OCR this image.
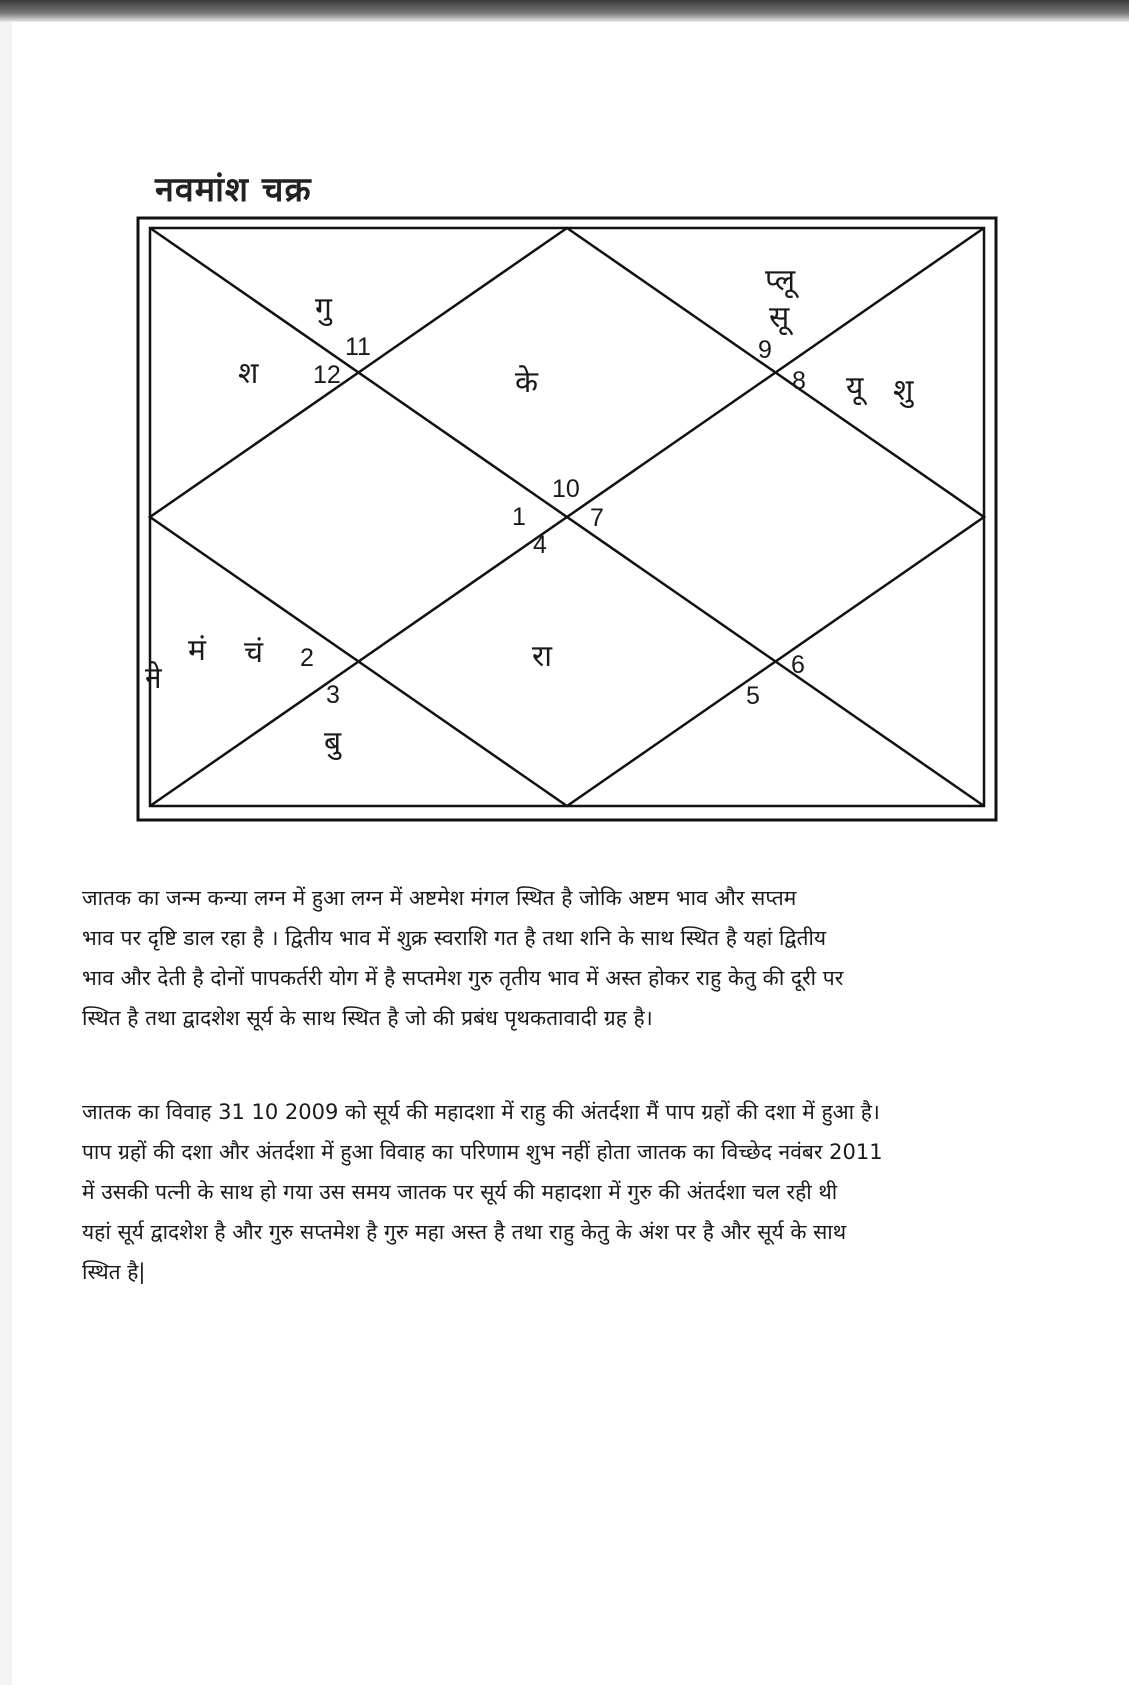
नवमांश चक्र
11
12
9
8
10
1	7
4
2
3
6
5
गु
श	के
प्लू
सू
यू शु
ने
मं चं	रा
बु
जातक का जन्म कन्या लग्न में हुआ लग्न में अष्टमेश मंगल स्थित है जोकि अष्टम भाव और सप्तम
भाव पर दृष्टि डाल रहा है । द्वितीय भाव में शुक्र स्वराशि गत है तथा शनि के साथ स्थित है यहां द्वितीय
भाव और देती है दोनों पापकर्तरी योग में है सप्तमेश गुरु तृतीय भाव में अस्त होकर राहु केतु की दूरी पर
स्थित है तथा द्वादशेश सूर्य के साथ स्थित है जो की प्रबंध पृथकतावादी ग्रह है।
जातक का विवाह 31 10 2009 को सूर्य की महादशा में राहु की अंतर्दशा मैं पाप ग्रहों की दशा में हुआ है।
पाप ग्रहों की दशा और अंतर्दशा में हुआ विवाह का परिणाम शुभ नहीं होता जातक का विच्छेद नवंबर 2011
में उसकी पत्नी के साथ हो गया उस समय जातक पर सूर्य की महादशा में गुरु की अंतर्दशा चल रही थी
यहां सूर्य द्वादशेश है और गुरु सप्तमेश है गुरु महा अस्त है तथा राहु केतु के अंश पर है और सूर्य के साथ
स्थित है|
